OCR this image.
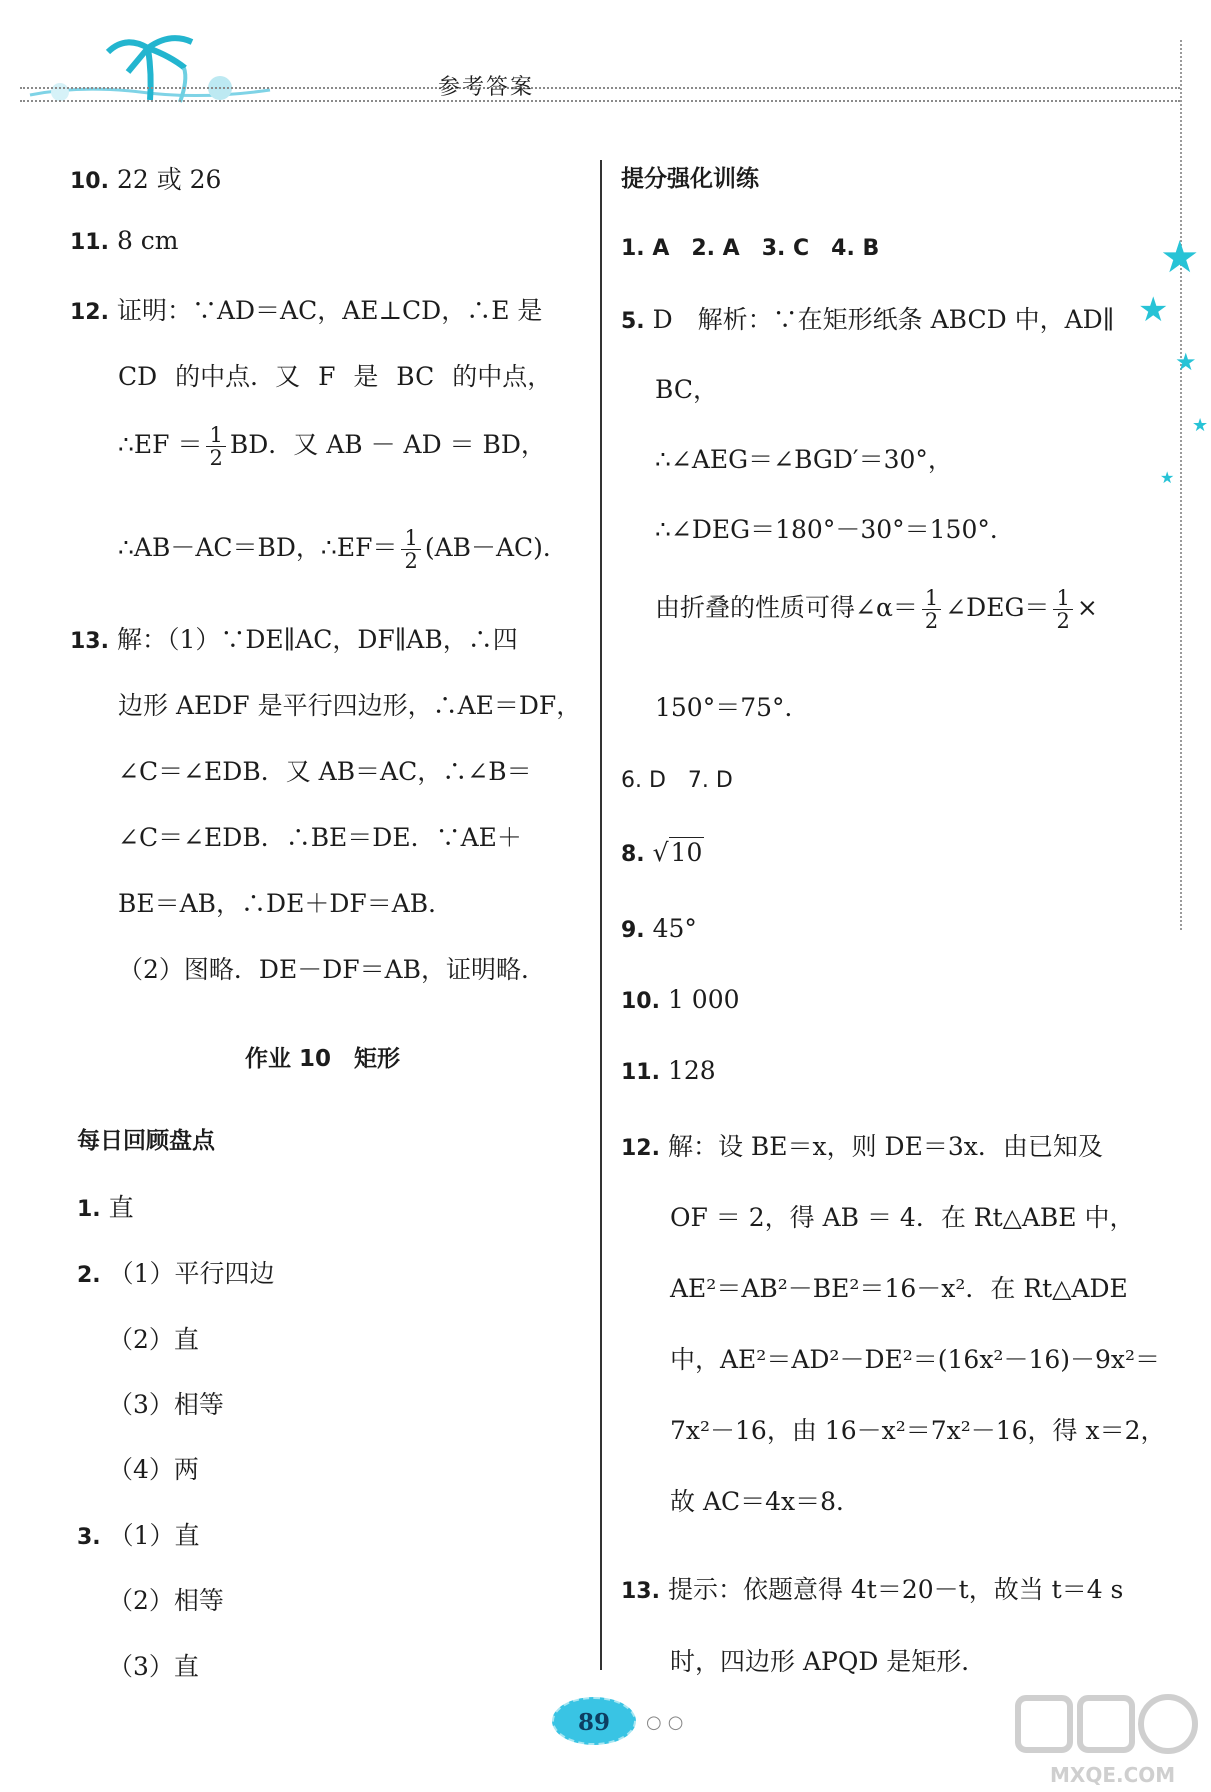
参考答案
★
★
★
★
★
10. 22 或 26
11. 8 cm
12. 证明：∵AD＝AC，AE⊥CD，∴E 是
CD 的中点．又 F 是 BC 的中点，
∴EF ＝ $\frac{1}{2}$ BD．又 AB － AD ＝ BD，
∴AB－AC＝BD，∴EF＝ $\frac{1}{2} (AB-AC)$．
13. 解：（1）∵DE∥AC，DF∥AB，∴四
边形 AEDF 是平行四边形，∴AE＝DF，
∠C＝∠EDB．又 AB＝AC，∴∠B＝
∠C＝∠EDB．∴BE＝DE．∵AE＋
BE＝AB，∴DE＋DF＝AB．
（2）图略．DE－DF＝AB，证明略．
作业 10　矩形
每日回顾盘点
1. 直
2. （1）平行四边
（2）直
（3）相等
（4）两
3. （1）直
（2）相等
（3）直
提分强化训练
1. A　2. A　3. C　4. B
5. D　解析：∵在矩形纸条 ABCD 中，AD∥
BC，
∴∠AEG＝∠BGD′＝30°，
∴∠DEG＝180°－30°＝150°．
由折叠的性质可得∠α＝ $\frac{1}{2}$ ∠DEG＝ $\frac{1}{2}$ ×
150°＝75°．
6. D　7. D
8. √10
9. 45°
10. 1 000
11. 128
12. 解：设 BE＝x，则 DE＝3x．由已知及
OF ＝ 2，得 AB ＝ 4．在 Rt△ABE 中，
AE²＝AB²－BE²＝16－x²．在 Rt△ADE
中，AE²＝AD²－DE²＝(16x²－16)－9x²＝
7x²－16，由 16－x²＝7x²－16，得 x＝2，
故 AC＝4x＝8．
13. 提示：依题意得 4t＝20－t，故当 t＝4 s
时，四边形 APQD 是矩形．
89	○○
MXQE.COM
